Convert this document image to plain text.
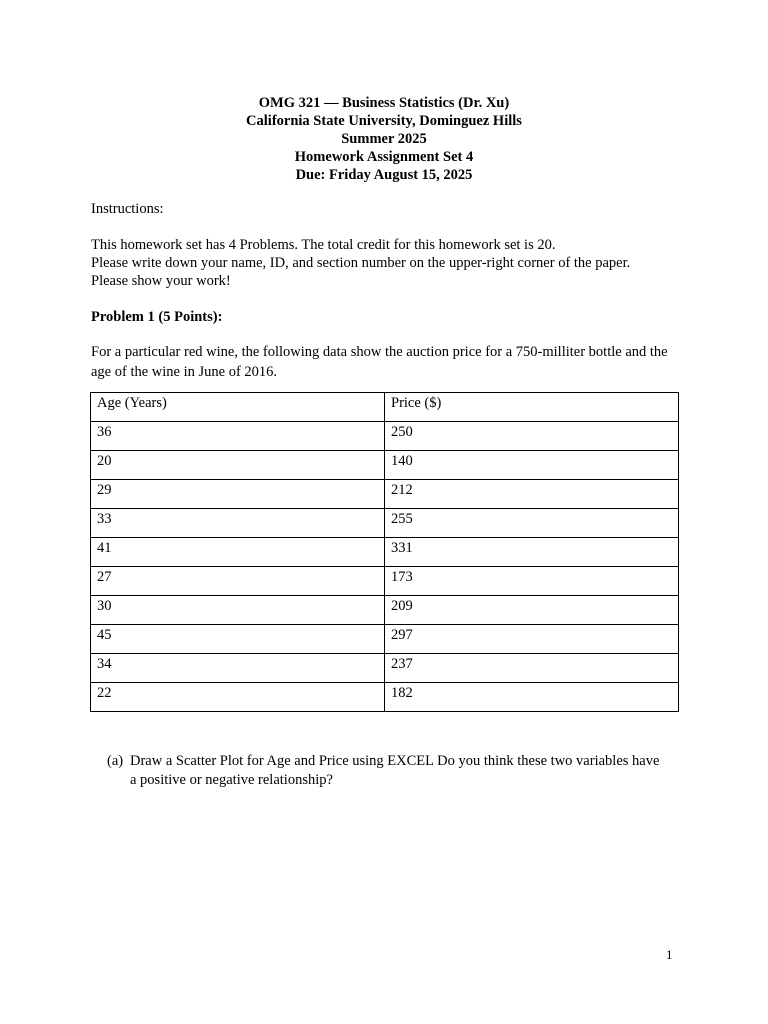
OMG 321 — Business Statistics (Dr. Xu)
California State University, Dominguez Hills
Summer 2025
Homework Assignment Set 4
Due: Friday August 15, 2025
Instructions:
This homework set has 4 Problems. The total credit for this homework set is 20.
Please write down your name, ID, and section number on the upper-right corner of the paper.
Please show your work!
Problem 1 (5 Points):
For a particular red wine, the following data show the auction price for a 750-milliter bottle and the age of the wine in June of 2016.
Age (Years)	Price ($)
36	250
20	140
29	212
33	255
41	331
27	173
30	209
45	297
34	237
22	182
(a) Draw a Scatter Plot for Age and Price using EXCEL Do you think these two variables have a positive or negative relationship?
1
